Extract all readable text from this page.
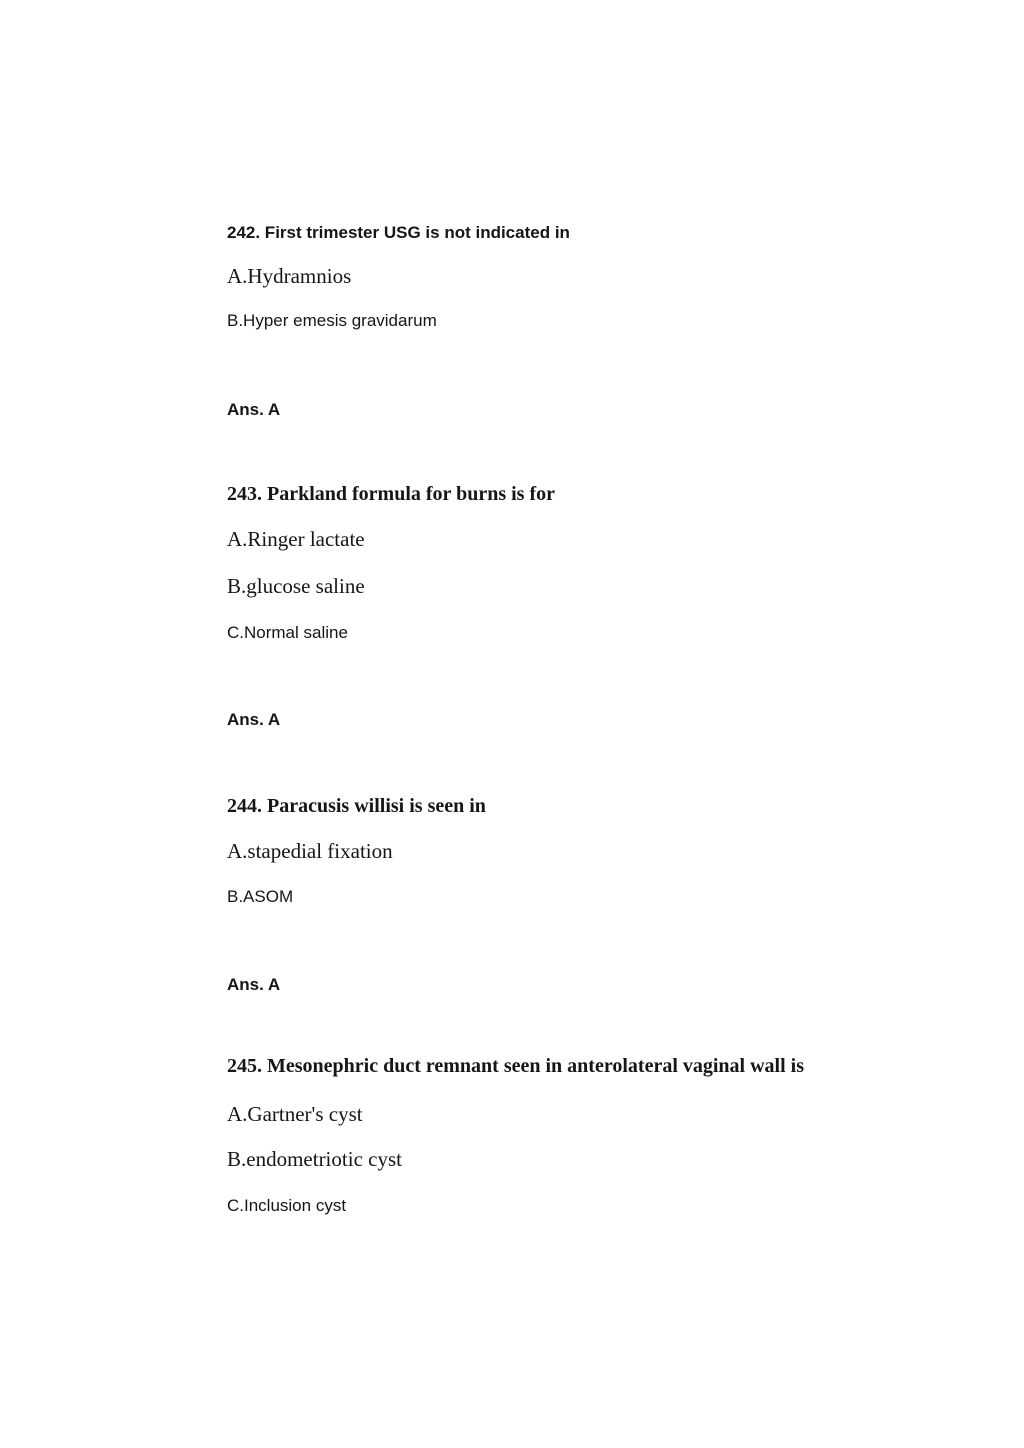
242. First trimester USG is not indicated in

A.Hydramnios

B.Hyper emesis gravidarum

Ans. A

243. Parkland formula for burns is for

A.Ringer lactate

B.glucose saline

C.Normal saline

Ans. A

244. Paracusis willisi is seen in

A.stapedial fixation

B.ASOM

Ans. A

245. Mesonephric duct remnant seen in anterolateral vaginal wall is

A.Gartner's cyst

B.endometriotic cyst

C.Inclusion cyst
